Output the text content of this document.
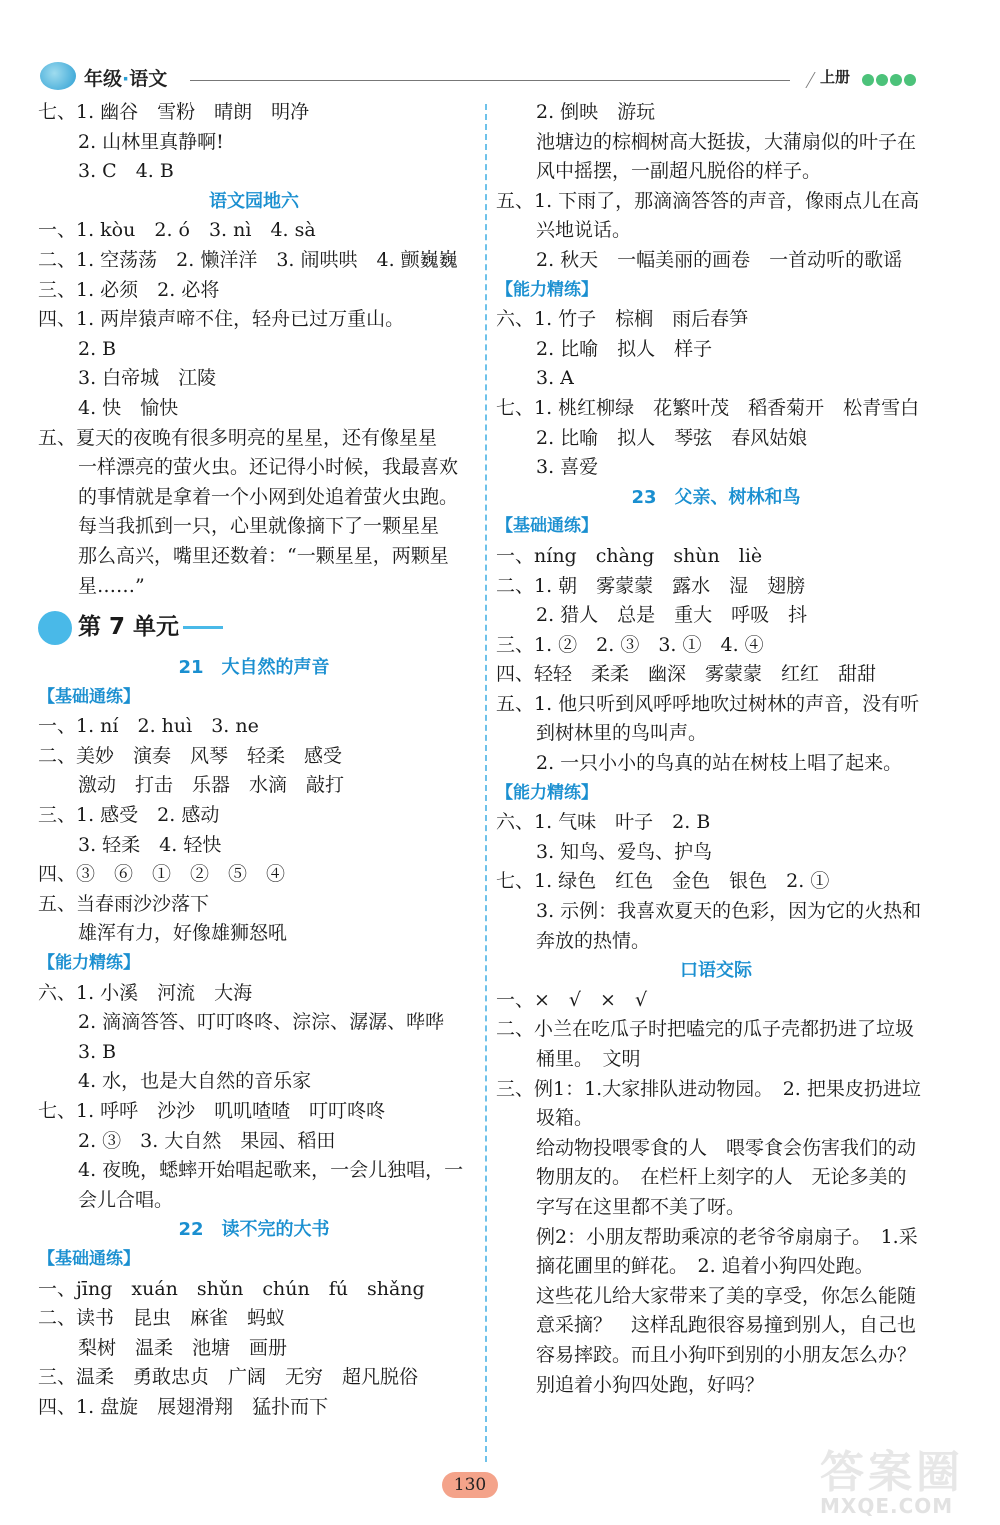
年级·语文	上册
七、1. 幽谷　雪粉　晴朗　明净
2. 山林里真静啊!
3. C　4. B
语文园地六
一、1. kòu　2. ó　3. nì　4. sà
二、1. 空荡荡　2. 懒洋洋　3. 闹哄哄　4. 颤巍巍
三、1. 必须　2. 必将
四、1. 两岸猿声啼不住，轻舟已过万重山。
2. B
3. 白帝城　江陵
4. 快　愉快
五、夏天的夜晚有很多明亮的星星，还有像星星
一样漂亮的萤火虫。还记得小时候，我最喜欢
的事情就是拿着一个小网到处追着萤火虫跑。
每当我抓到一只，心里就像摘下了一颗星星
那么高兴，嘴里还数着：“一颗星星，两颗星
星……”
第 7 单元
21　大自然的声音
【基础通练】
一、1. ní　2. huì　3. ne
二、美妙　演奏　风琴　轻柔　感受
激动　打击　乐器　水滴　敲打
三、1. 感受　2. 感动
3. 轻柔　4. 轻快
四、③　⑥　①　②　⑤　④
五、当春雨沙沙落下
雄浑有力，好像雄狮怒吼
【能力精练】
六、1. 小溪　河流　大海
2. 滴滴答答、叮叮咚咚、淙淙、潺潺、哗哗
3. B
4. 水，也是大自然的音乐家
七、1. 呼呼　沙沙　叽叽喳喳　叮叮咚咚
2. ③　3. 大自然　果园、稻田
4. 夜晚，蟋蟀开始唱起歌来，一会儿独唱，一
会儿合唱。
22　读不完的大书
【基础通练】
一、jīng　xuán　shǔn　chún　fú　shǎng
二、读书　昆虫　麻雀　蚂蚁
梨树　温柔　池塘　画册
三、温柔　勇敢忠贞　广阔　无穷　超凡脱俗
四、1. 盘旋　展翅滑翔　猛扑而下
2. 倒映　游玩
池塘边的棕榈树高大挺拔，大蒲扇似的叶子在
风中摇摆，一副超凡脱俗的样子。
五、1. 下雨了，那滴滴答答的声音，像雨点儿在高
兴地说话。
2. 秋天　一幅美丽的画卷　一首动听的歌谣
【能力精练】
六、1. 竹子　棕榈　雨后春笋
2. 比喻　拟人　样子
3. A
七、1. 桃红柳绿　花繁叶茂　稻香菊开　松青雪白
2. 比喻　拟人　琴弦　春风姑娘
3. 喜爱
23　父亲、树林和鸟
【基础通练】
一、níng　chàng　shùn　liè
二、1. 朝　雾蒙蒙　露水　湿　翅膀
2. 猎人　总是　重大　呼吸　抖
三、1. ②　2. ③　3. ①　4. ④
四、轻轻　柔柔　幽深　雾蒙蒙　红红　甜甜
五、1. 他只听到风呼呼地吹过树林的声音，没有听
到树林里的鸟叫声。
2. 一只小小的鸟真的站在树枝上唱了起来。
【能力精练】
六、1. 气味　叶子　2. B
3. 知鸟、爱鸟、护鸟
七、1. 绿色　红色　金色　银色　2. ①
3. 示例：我喜欢夏天的色彩，因为它的火热和
奔放的热情。
口语交际
一、×　√　×　√
二、小兰在吃瓜子时把嗑完的瓜子壳都扔进了垃圾
桶里。　文明
三、例1：1.大家排队进动物园。　2. 把果皮扔进垃
圾箱。
给动物投喂零食的人　喂零食会伤害我们的动
物朋友的。　在栏杆上刻字的人　无论多美的
字写在这里都不美了呀。
例2：小朋友帮助乘凉的老爷爷扇扇子。　1.采
摘花圃里的鲜花。　2. 追着小狗四处跑。
这些花儿给大家带来了美的享受，你怎么能随
意采摘？　这样乱跑很容易撞到别人，自己也
容易摔跤。而且小狗吓到别的小朋友怎么办？
别追着小狗四处跑，好吗？
130	答案圈
MXQE.COM
